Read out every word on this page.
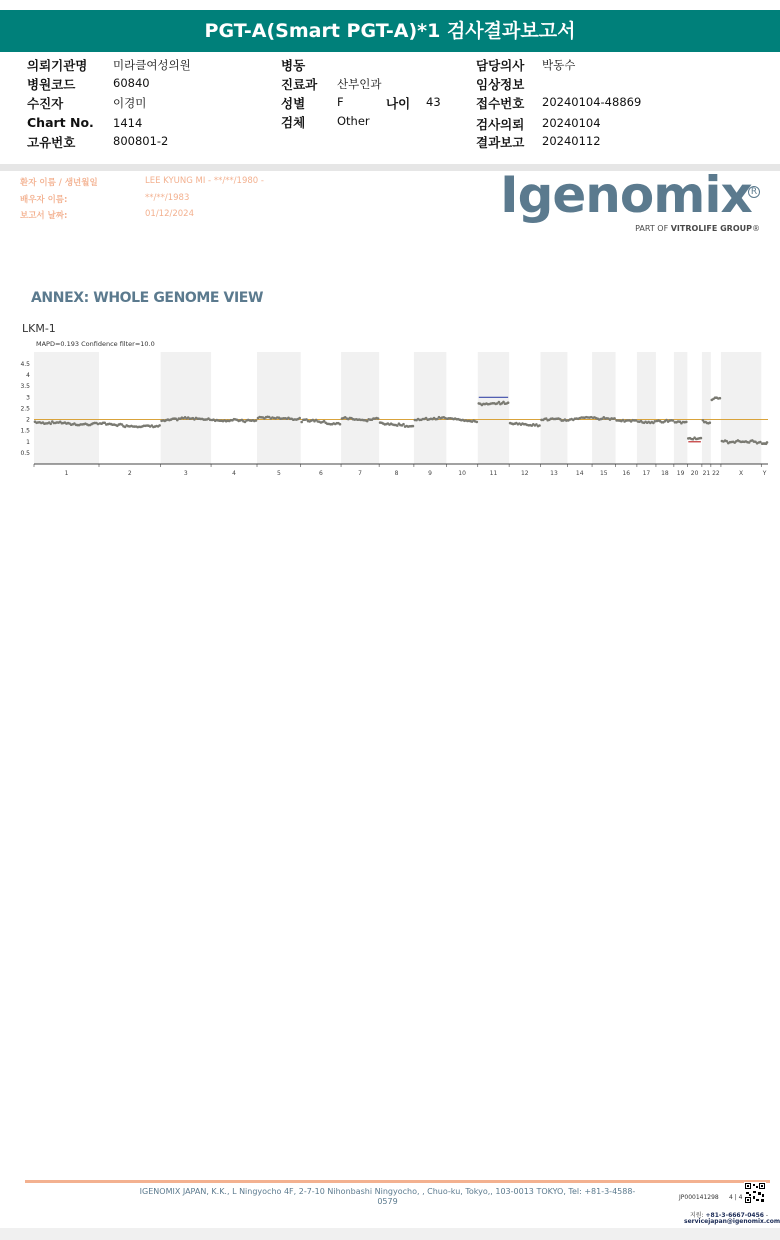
PGT-A(Smart PGT-A)*1 검사결과보고서
의뢰기관명 미라클여성의원
병원코드	60840
수진자	이경미
Chart No. 1414
고유번호	800801-2
병동
진료과 산부인과
성별	F	나이 43
검체	Other
담당의사 박동수
임상정보
접수번호 20240104-48869
검사의뢰 20240104
결과보고 20240112
환자 이름 / 생년월일	LEE KYUNG MI - **/**/1980 -
배우자 이름:	**/**/1983
보고서 날짜:	01/12/2024	Igenomix R
PART OF VITROLIFE GROUP®
ANNEX: WHOLE GENOME VIEW
LKM-1
MAPD=0.193 Confidence filter=10.0
0.5
1
1.5
2
2.5
3
3.5
4
4.5
1	2	3	4	5	6	7	8	9	10	11	12	13	14	15 16 17 18 19 20 21 22	X	Y
IGENOMIX JAPAN, K.K., L Ningyocho 4F, 2-7-10 Nihonbashi Ningyocho, , Chuo-ku, Tokyo,, 103-0013 TOKYO, Tel: +81-3-4588-0579	JP000141298 4 | 4
지원: +81-3-6667-0456 -
servicejapan@igenomix.com
